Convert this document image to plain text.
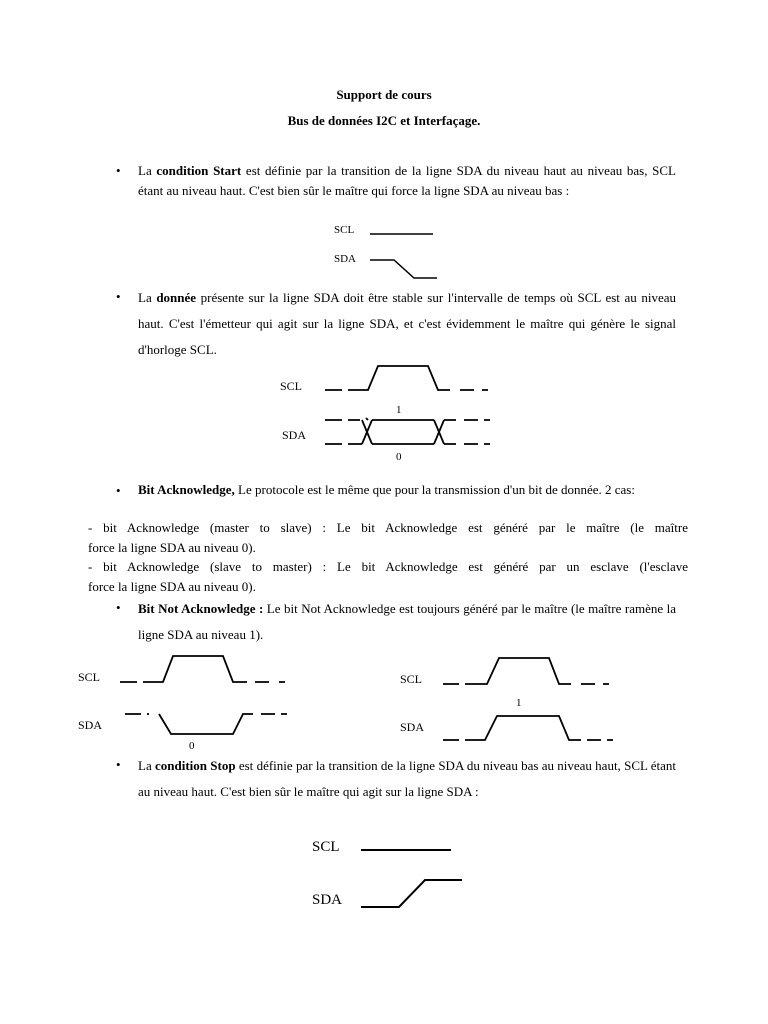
Support de cours

Bus de données I2C et Interfaçage.

• La condition Start est définie par la transition de la ligne SDA du niveau haut au niveau bas, SCL étant au niveau haut. C'est bien sûr le maître qui force la ligne SDA au niveau bas :

SCL
SDA
• La donnée présente sur la ligne SDA doit être stable sur l'intervalle de temps où SCL est au niveau haut. C'est l'émetteur qui agit sur la ligne SDA, et c'est évidemment le maître qui génère le signal d'horloge SCL.

SCL
SDA
1
0
• Bit Acknowledge, Le protocole est le même que pour la transmission d'un bit de donnée. 2 cas:

- bit Acknowledge (master to slave) : Le bit Acknowledge est généré par le maître (le maître

force la ligne SDA au niveau 0).

- bit Acknowledge (slave to master) : Le bit Acknowledge est généré par un esclave (l'esclave

force la ligne SDA au niveau 0).

• Bit Not Acknowledge : Le bit Not Acknowledge est toujours généré par le maître (le maître ramène la ligne SDA au niveau 1).

SCL
SDA
0
SCL
SDA
1
• La condition Stop est définie par la transition de la ligne SDA du niveau bas au niveau haut, SCL étant au niveau haut. C'est bien sûr le maître qui agit sur la ligne SDA :

SCL
SDA
